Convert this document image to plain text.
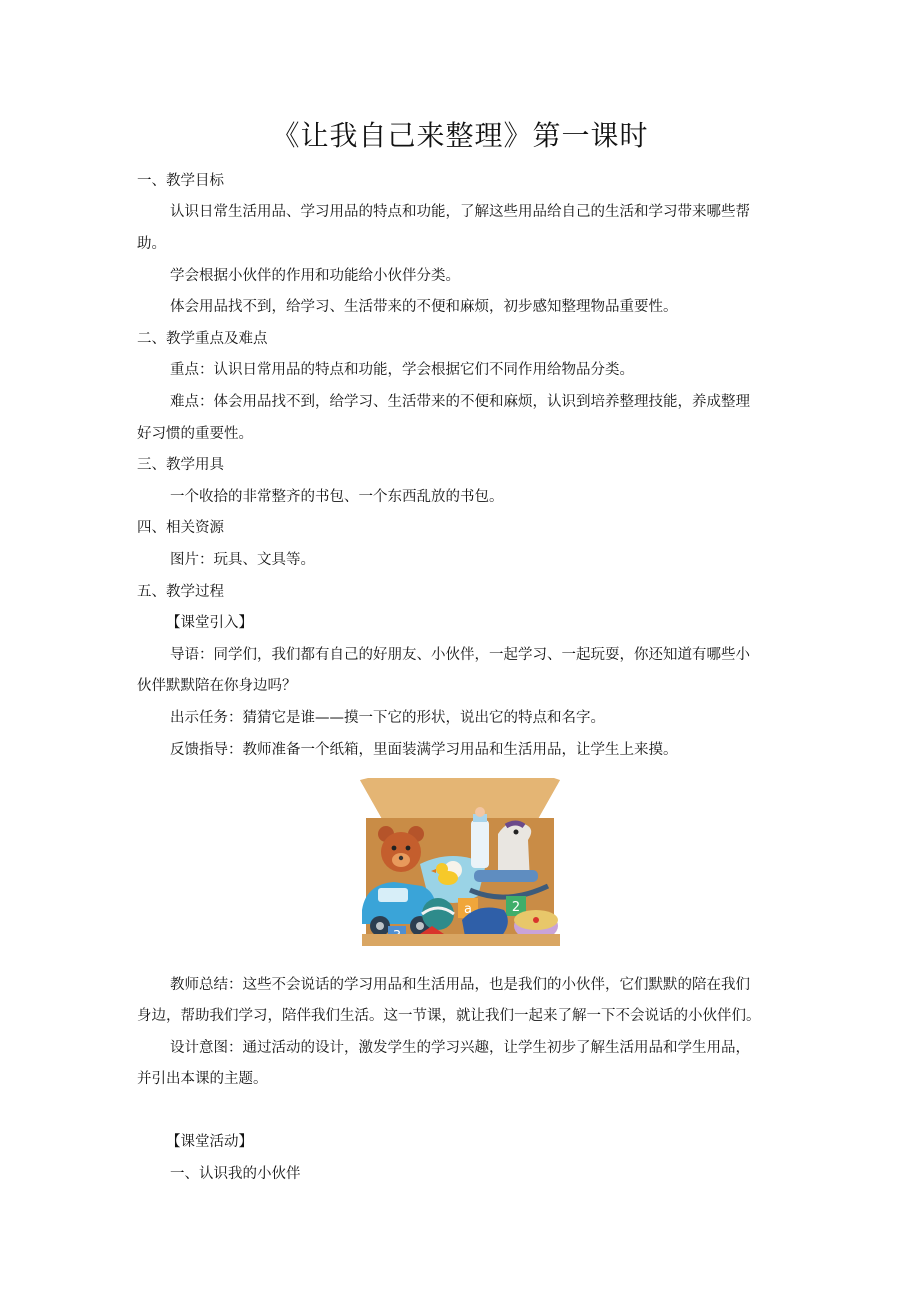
《让我自己来整理》第一课时

一、教学目标

认识日常生活用品、学习用品的特点和功能，了解这些用品给自己的生活和学习带来哪些帮

助。

学会根据小伙伴的作用和功能给小伙伴分类。

体会用品找不到，给学习、生活带来的不便和麻烦，初步感知整理物品重要性。

二、教学重点及难点

重点：认识日常用品的特点和功能，学会根据它们不同作用给物品分类。

难点：体会用品找不到，给学习、生活带来的不便和麻烦，认识到培养整理技能，养成整理

好习惯的重要性。

三、教学用具

一个收拾的非常整齐的书包、一个东西乱放的书包。

四、相关资源

图片：玩具、文具等。

五、教学过程

【课堂引入】

导语：同学们，我们都有自己的好朋友、小伙伴，一起学习、一起玩耍，你还知道有哪些小

伙伴默默陪在你身边吗？

出示任务：猜猜它是谁——摸一下它的形状，说出它的特点和名字。

反馈指导：教师准备一个纸箱，里面装满学习用品和生活用品，让学生上来摸。

a	2

教师总结：这些不会说话的学习用品和生活用品，也是我们的小伙伴，它们默默的陪在我们

身边，帮助我们学习，陪伴我们生活。这一节课，就让我们一起来了解一下不会说话的小伙伴们。

设计意图：通过活动的设计，激发学生的学习兴趣，让学生初步了解生活用品和学生用品，

并引出本课的主题。

【课堂活动】

一、认识我的小伙伴
